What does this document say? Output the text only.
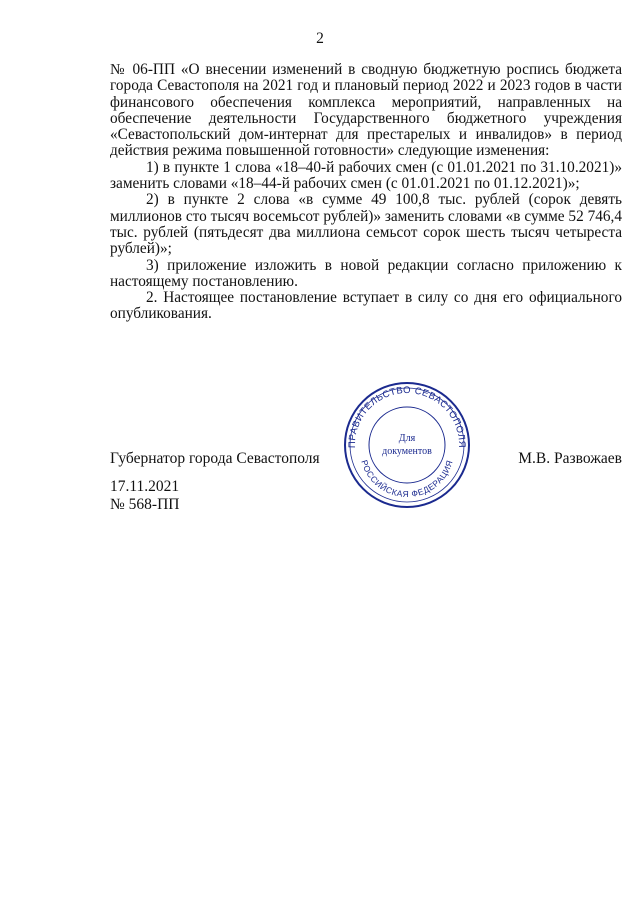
2

№ 06-ПП «О внесении изменений в сводную бюджетную роспись бюджета города Севастополя на 2021 год и плановый период 2022 и 2023 годов в части финансового обеспечения комплекса мероприятий, направленных на обеспечение деятельности Государственного бюджетного учреждения «Севастопольский дом-интернат для престарелых и инвалидов» в период действия режима повышенной готовности» следующие изменения:

1) в пункте 1 слова «18–40-й рабочих смен (с 01.01.2021 по 31.10.2021)» заменить словами «18–44-й рабочих смен (с 01.01.2021 по 01.12.2021)»;

2) в пункте 2 слова «в сумме 49 100,8 тыс. рублей (сорок девять миллионов сто тысяч восемьсот рублей)» заменить словами «в сумме 52 746,4 тыс. рублей (пятьдесят два миллиона семьсот сорок шесть тысяч четыреста рублей)»;

3) приложение изложить в новой редакции согласно приложению к настоящему постановлению.

2. Настоящее постановление вступает в силу со дня его официального опубликования.

ПРАВИТЕЛЬСТВО СЕВАСТОПОЛЯ
РОССИЙСКАЯ ФЕДЕРАЦИЯ
Для
документов
Губернатор города Севастополя	М.В. Развожаев
17.11.2021
№ 568-ПП
